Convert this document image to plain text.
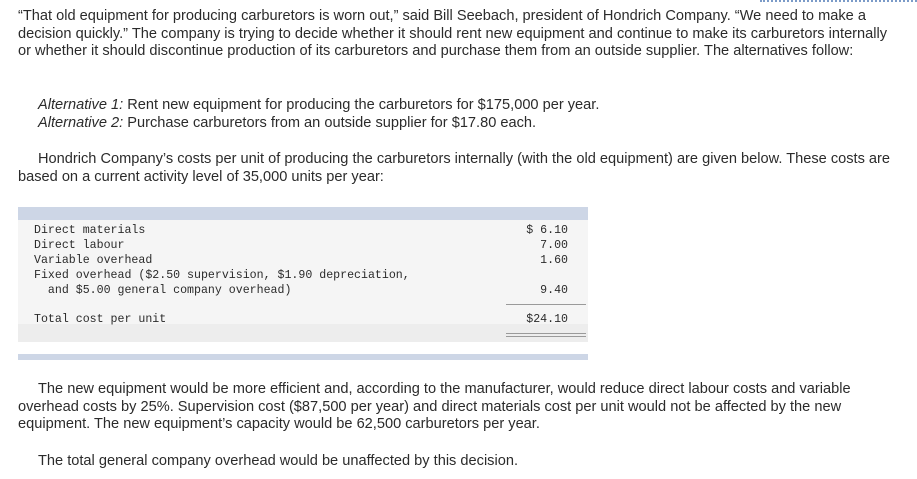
“That old equipment for producing carburetors is worn out,” said Bill Seebach, president of Hondrich Company. “We need to make a decision quickly.” The company is trying to decide whether it should rent new equipment and continue to make its carburetors internally or whether it should discontinue production of its carburetors and purchase them from an outside supplier. The alternatives follow:

Alternative 1: Rent new equipment for producing the carburetors for $175,000 per year.
Alternative 2: Purchase carburetors from an outside supplier for $17.80 each.

Hondrich Company’s costs per unit of producing the carburetors internally (with the old equipment) are given below. These costs are based on a current activity level of 35,000 units per year:

Direct materials	$ 6.10
Direct labour	7.00
Variable overhead	1.60
Fixed overhead ($2.50 supervision, $1.90 depreciation,
and $5.00 general company overhead)	9.40
Total cost per unit	$24.10

The new equipment would be more efficient and, according to the manufacturer, would reduce direct labour costs and variable overhead costs by 25%. Supervision cost ($87,500 per year) and direct materials cost per unit would not be affected by the new equipment. The new equipment’s capacity would be 62,500 carburetors per year.

The total general company overhead would be unaffected by this decision.
